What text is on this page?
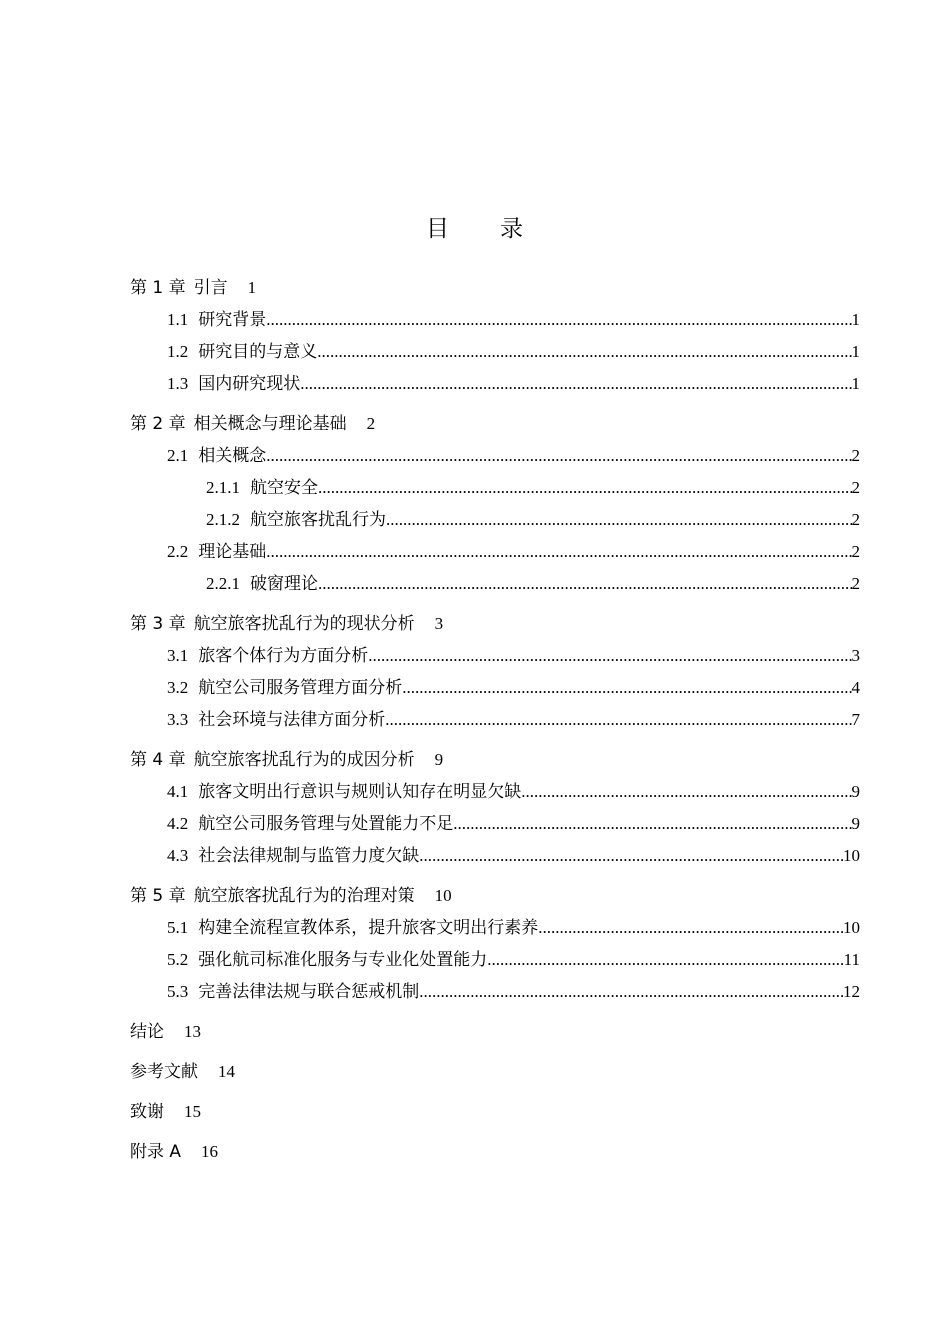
目 录
第 1 章 引言 1
1.1 研究背景 .....	1
1.2 研究目的与意义 .....	1
1.3 国内研究现状 .....	1
第 2 章 相关概念与理论基础 2
2.1 相关概念 .....	2
2.1.1 航空安全 .....	2
2.1.2 航空旅客扰乱行为 .....	2
2.2 理论基础 .....	2
2.2.1 破窗理论 .....	2
第 3 章 航空旅客扰乱行为的现状分析 3
3.1 旅客个体行为方面分析 .....	3
3.2 航空公司服务管理方面分析 .....	4
3.3 社会环境与法律方面分析 .....	7
第 4 章 航空旅客扰乱行为的成因分析 9
4.1 旅客文明出行意识与规则认知存在明显欠缺 .....	9
4.2 航空公司服务管理与处置能力不足 .....	9
4.3 社会法律规制与监管力度欠缺 .....	10
第 5 章 航空旅客扰乱行为的治理对策 10
5.1 构建全流程宣教体系，提升旅客文明出行素养 .....	10
5.2 强化航司标准化服务与专业化处置能力 .....	11
5.3 完善法律法规与联合惩戒机制 .....	12
结论 13
参考文献 14
致谢 15
附录 A 16
